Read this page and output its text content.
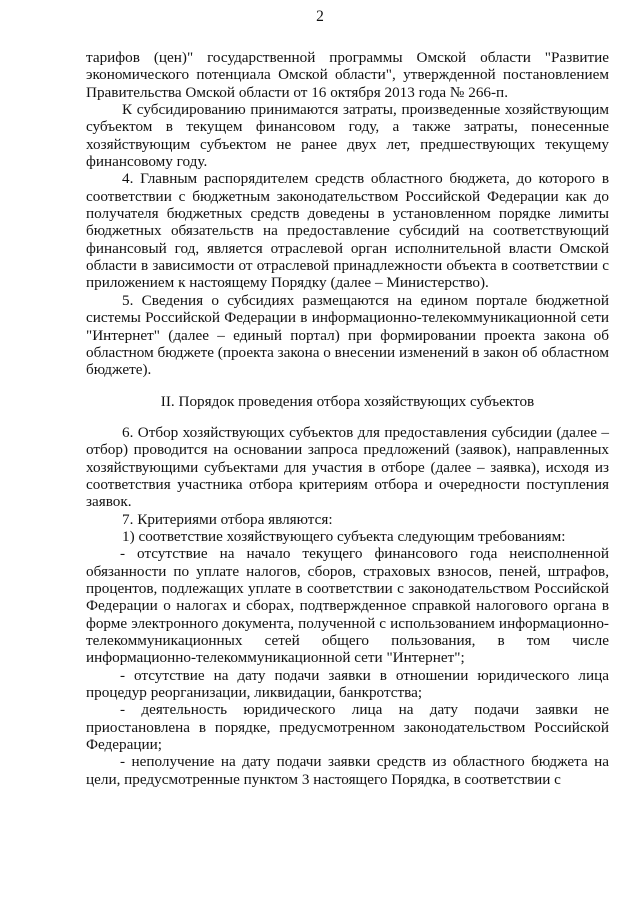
2

тарифов (цен)" государственной программы Омской области "Развитие экономического потенциала Омской области", утвержденной постановлением Правительства Омской области от 16 октября 2013 года № 266-п.

К субсидированию принимаются затраты, произведенные хозяйствующим субъектом в текущем финансовом году, а также затраты, понесенные хозяйствующим субъектом не ранее двух лет, предшествующих текущему финансовому году.

4. Главным распорядителем средств областного бюджета, до которого в соответствии с бюджетным законодательством Российской Федерации как до получателя бюджетных средств доведены в установленном порядке лимиты бюджетных обязательств на предоставление субсидий на соответствующий финансовый год, является отраслевой орган исполнительной власти Омской области в зависимости от отраслевой принадлежности объекта в соответствии с приложением к настоящему Порядку (далее – Министерство).

5. Сведения о субсидиях размещаются на едином портале бюджетной системы Российской Федерации в информационно-телекоммуникационной сети "Интернет" (далее – единый портал) при формировании проекта закона об областном бюджете (проекта закона о внесении изменений в закон об областном бюджете).

II. Порядок проведения отбора хозяйствующих субъектов

6. Отбор хозяйствующих субъектов для предоставления субсидии (далее – отбор) проводится на основании запроса предложений (заявок), направленных хозяйствующими субъектами для участия в отборе (далее – заявка), исходя из соответствия участника отбора критериям отбора и очередности поступления заявок.

7. Критериями отбора являются:

1) соответствие хозяйствующего субъекта следующим требованиям:

- отсутствие на начало текущего финансового года неисполненной обязанности по уплате налогов, сборов, страховых взносов, пеней, штрафов, процентов, подлежащих уплате в соответствии с законодательством Российской Федерации о налогах и сборах, подтвержденное справкой налогового органа в форме электронного документа, полученной с использованием информационно-телекоммуникационных сетей общего пользования, в том числе информационно-телекоммуникационной сети "Интернет";

- отсутствие на дату подачи заявки в отношении юридического лица процедур реорганизации, ликвидации, банкротства;

- деятельность юридического лица на дату подачи заявки не приостановлена в порядке, предусмотренном законодательством Российской Федерации;

- неполучение на дату подачи заявки средств из областного бюджета на цели, предусмотренные пунктом 3 настоящего Порядка, в соответствии с
